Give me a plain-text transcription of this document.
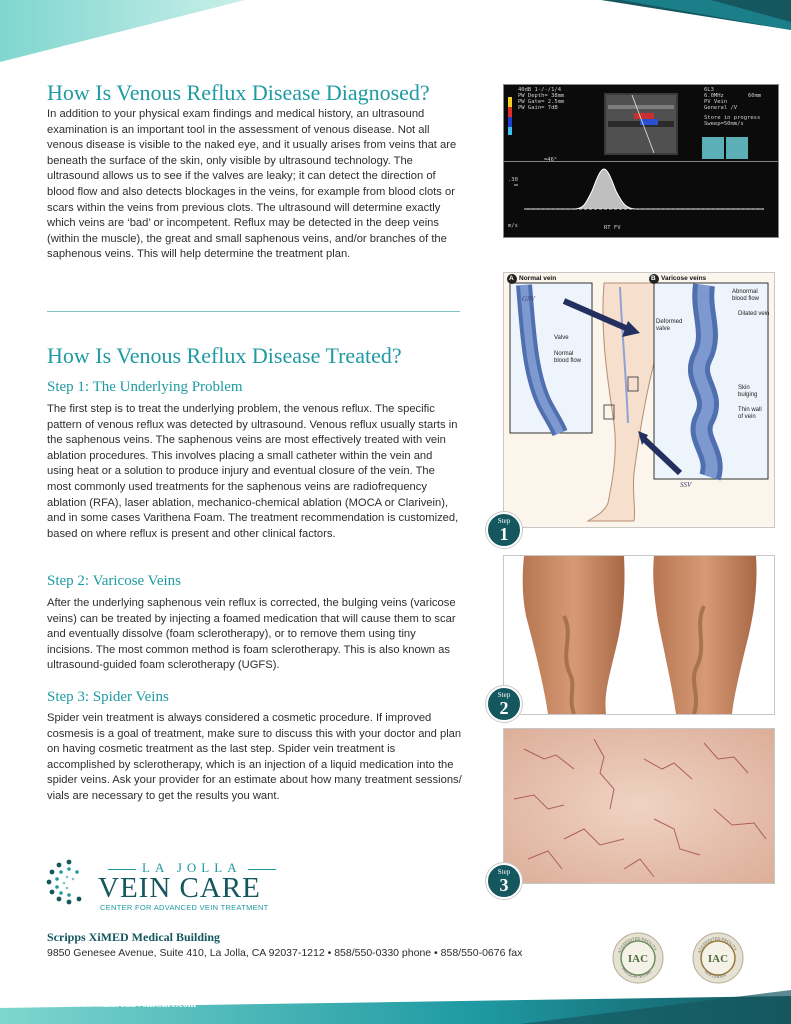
How Is Venous Reflux Disease Diagnosed?

In addition to your physical exam findings and medical history, an ultrasound examination is an important tool in the assessment of venous disease. Not all venous disease is visible to the naked eye, and it usually arises from veins that are beneath the surface of the skin, only visible by ultrasound technology. The ultrasound allows us to see if the valves are leaky; it can detect the direction of blood flow and also detects blockages in the veins, for example from blood clots or scars within the veins from previous clots. The ultrasound will determine exactly which veins are ‘bad’ or incompetent. Reflux may be detected in the deep veins (within the muscle), the great and small saphenous veins, and/or branches of the saphenous veins. This will help determine the treatment plan.

How Is Venous Reflux Disease Treated?
Step 1: The Underlying Problem

The first step is to treat the underlying problem, the venous reflux. The specific pattern of venous reflux was detected by ultrasound. Venous reflux usually starts in the saphenous veins. The saphenous veins are most effectively treated with vein ablation procedures. This involves placing a small catheter within the vein and using heat or a solution to produce injury and eventual closure of the vein. The most commonly used treatments for the saphenous veins are radiofrequency ablation (RFA), laser ablation, mechanico-chemical ablation (MOCA or Clarivein), and in some cases Varithena Foam. The treatment recommendation is customized, based on where reflux is present and other clinical factors.

Step 2: Varicose Veins

After the underlying saphenous vein reflux is corrected, the bulging veins (varicose veins) can be treated by injecting a foamed medication that will cause them to scar and eventually dissolve (foam sclerotherapy), or to remove them using tiny incisions. The most common method is foam sclerotherapy. This is also known as ultrasound-guided foam sclerotherapy (UGFS).

Step 3: Spider Veins

Spider vein treatment is always considered a cosmetic procedure. If improved cosmesis is a goal of treatment, make sure to discuss this with your doctor and plan on having cosmetic treatment as the last step. Spider vein treatment is accomplished by sclerotherapy, which is an injection of a liquid medication into the spider veins. Ask your provider for an estimate about how many treatment sessions/ vials are necessary to get the results you want.

40dB 1-/-/1/4
PW Depth= 38mm
PW Gate= 2.5mm
PW Gain= 7dB
6L3
6.0MHz
PV Vein
General /V
60mm
Store in progress
Sweep=50mm/s
=46°
.30
m/s	RT FV
A Normal vein	B Varicose veins
GSV
SSV
Valve
Normal blood flow
Abnormal blood flow
Dilated vein
Deformed valve
Skin bulging
Thin wall of vein
Step
1
Step
2
Step
3
LA JOLLA
VEIN CARE
CENTER FOR ADVANCED VEIN TREATMENT
Scripps XiMED Medical Building
9850 Genesee Avenue, Suite 410, La Jolla, CA 92037-1212 • 858/550-0330 phone • 858/550-0676 fax	ACCREDITED FACILITY
IAC
VASCULAR TESTING
ACCREDITED FACILITY
IAC
VEIN CENTER
www.LaJollaVeinCare.com
